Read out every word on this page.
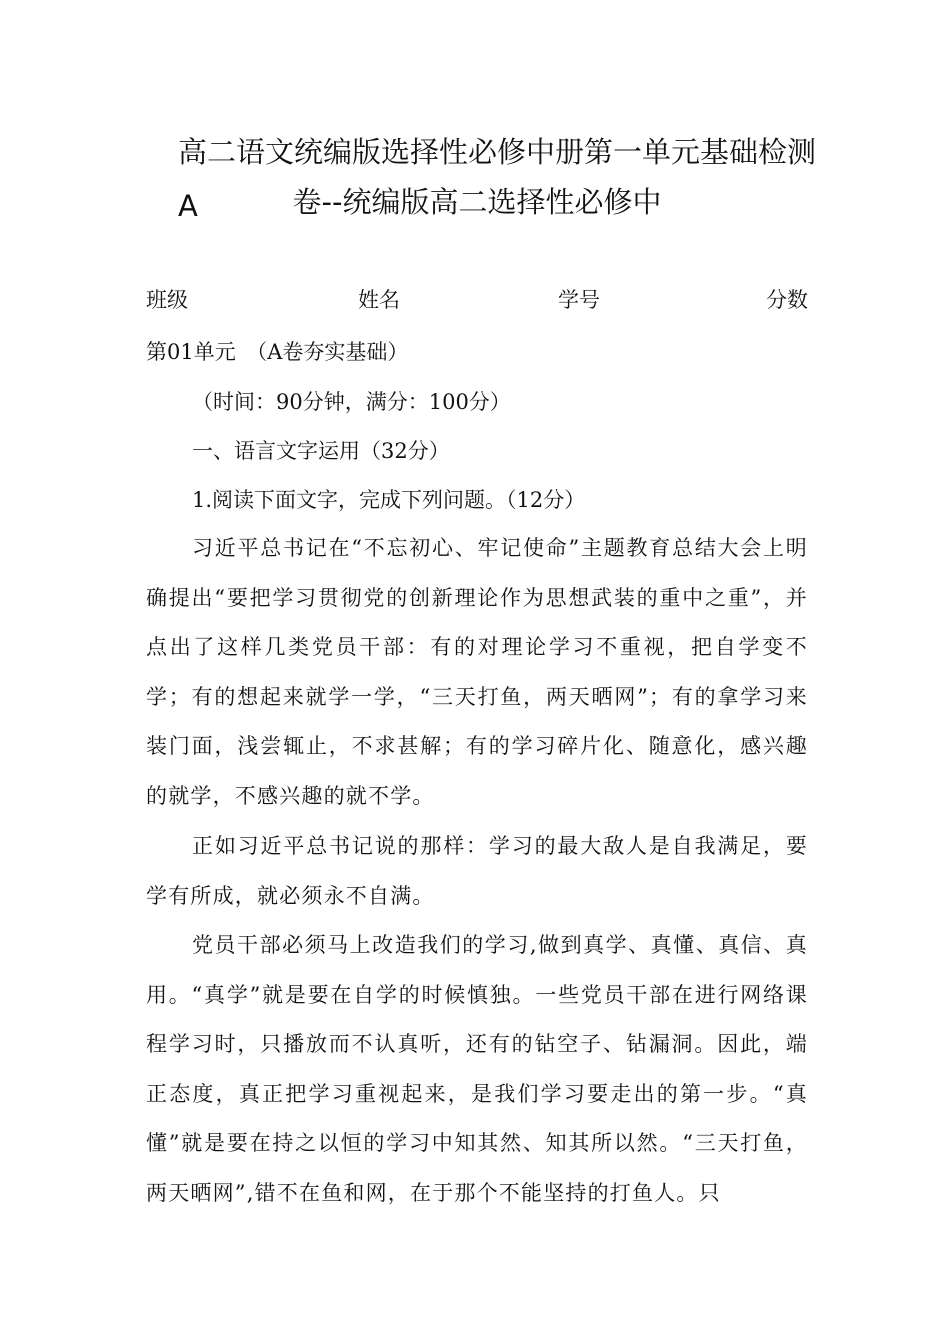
高二语文统编版选择性必修中册第一单元基础检测A	卷--统编版高二选择性必修中
班级	姓名	学号	分数
第01单元　（A卷夯实基础）
（时间：90分钟，满分：100分）
一、语言文字运用（32分）
1.阅读下面文字，完成下列问题。（12分）
习近平总书记在“不忘初心、牢记使命”主题教育总结大会上明确提出“要把学习贯彻党的创新理论作为思想武装的重中之重”，并点出了这样几类党员干部：有的对理论学习不重视，把自学变不学；有的想起来就学一学，“三天打鱼，两天晒网”；有的拿学习来装门面，浅尝辄止，不求甚解；有的学习碎片化、随意化，感兴趣的就学，不感兴趣的就不学。
正如习近平总书记说的那样：学习的最大敌人是自我满足，要学有所成，就必须永不自满。
党员干部必须马上改造我们的学习,做到真学、真懂、真信、真用。“真学”就是要在自学的时候慎独。一些党员干部在进行网络课程学习时，只播放而不认真听，还有的钻空子、钻漏洞。因此，端正态度，真正把学习重视起来，是我们学习要走出的第一步。“真懂”就是要在持之以恒的学习中知其然、知其所以然。“三天打鱼，两天晒网”,错不在鱼和网，在于那个不能坚持的打鱼人。只
